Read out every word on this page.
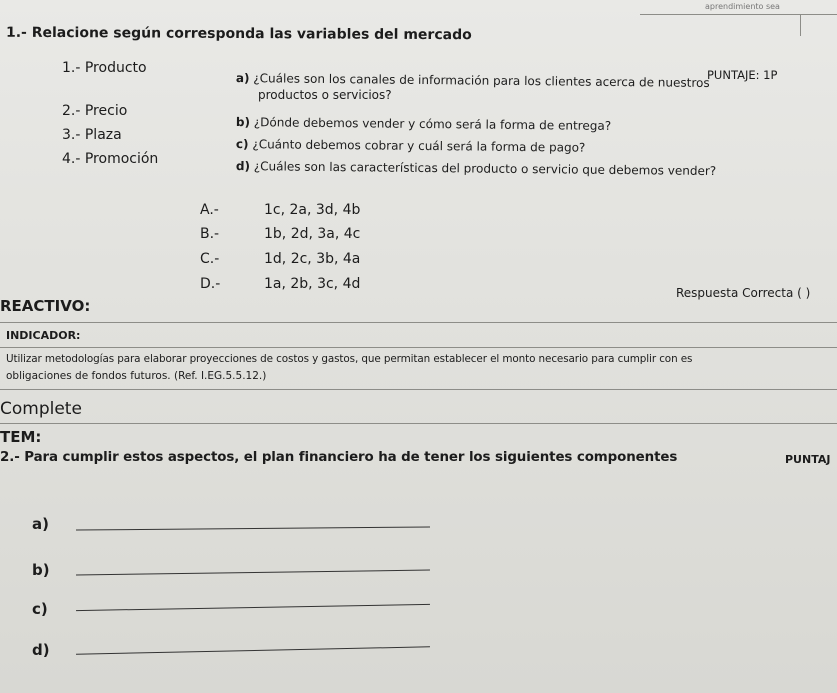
aprendimiento sea
1.- Relacione según corresponda las variables del mercado
PUNTAJE: 1P
1.- Producto
2.- Precio
3.- Plaza
4.- Promoción
a) ¿Cuáles son los canales de información para los clientes acerca de nuestros
productos o servicios?
b) ¿Dónde debemos vender y cómo será la forma de entrega?
c) ¿Cuánto debemos cobrar y cuál será la forma de pago?
d) ¿Cuáles son las características del producto o servicio que debemos vender?
A.-	1c, 2a, 3d, 4b
B.-	1b, 2d, 3a, 4c
C.-	1d, 2c, 3b, 4a
D.-	1a, 2b, 3c, 4d
Respuesta Correcta ( )
REACTIVO:
INDICADOR:
Utilizar metodologías para elaborar proyecciones de costos y gastos, que permitan establecer el monto necesario para cumplir con es
obligaciones de fondos futuros. (Ref. I.EG.5.5.12.)
Complete
TEM:
2.- Para cumplir estos aspectos, el plan financiero ha de tener los siguientes componentes	PUNTAJ
a)
b)
c)
d)
